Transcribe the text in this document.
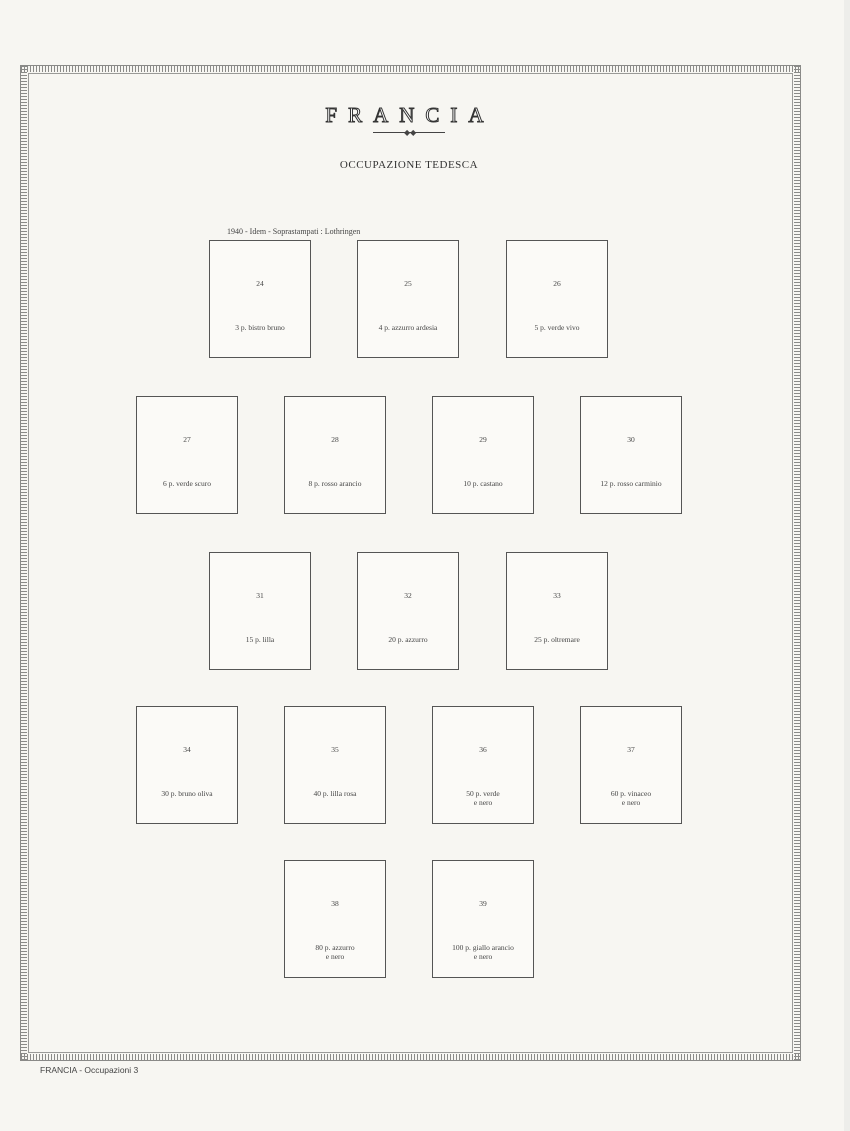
FRANCIA
◆◆
OCCUPAZIONE TEDESCA
1940 - Idem - Soprastampati : Lothringen
24
3 p. bistro bruno
25
4 p. azzurro ardesia
26
5 p. verde vivo
27
6 p. verde scuro
28
8 p. rosso arancio
29
10 p. castano
30
12 p. rosso carminio
31
15 p. lilla
32
20 p. azzurro
33
25 p. oltremare
34
30 p. bruno oliva
35
40 p. lilla rosa
36
50 p. verde
e nero
37
60 p. vinaceo
e nero
38
80 p. azzurro
e nero
39
100 p. giallo arancio
e nero
FRANCIA - Occupazioni 3
